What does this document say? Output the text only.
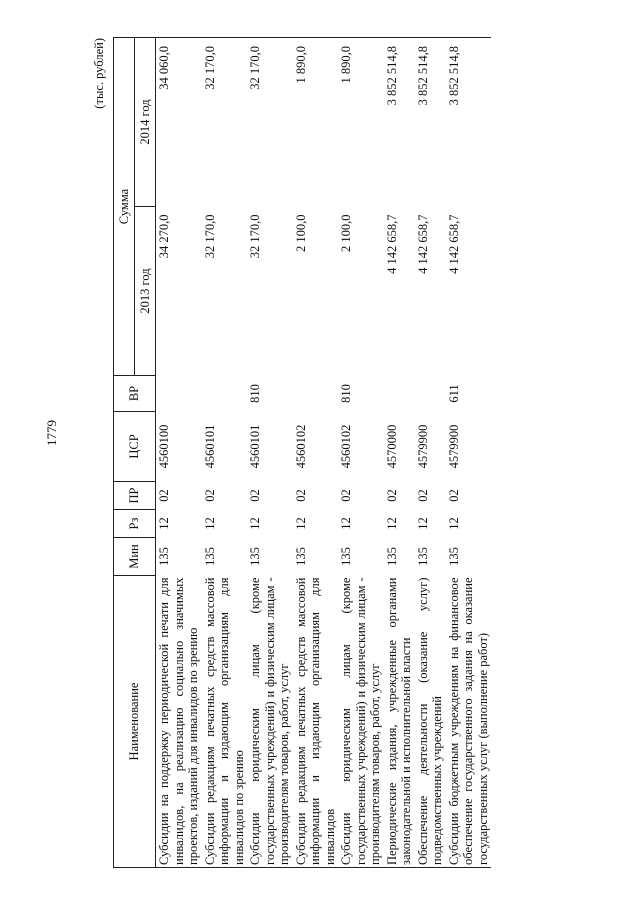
1779
(тыс. рублей)
Наименование	Мин	Рз	ПР	ЦСР	ВР	Сумма	
						2013 год	2014 год
Субсидии на поддержку периодической печати для инвалидов, на реализацию социально значимых проектов, изданий для инвалидов по зрению	135	12	02	4560100		34 270,0	34 060,0
Субсидии редакциям печатных средств массовой информации и издающим организациям для инвалидов по зрению	135	12	02	4560101		32 170,0	32 170,0
Субсидии юридическим лицам (кроме государственных учреждений) и физическим лицам - производителям товаров, работ, услуг	135	12	02	4560101	810	32 170,0	32 170,0
Субсидии редакциям печатных средств массовой информации и издающим организациям для инвалидов	135	12	02	4560102		2 100,0	1 890,0
Субсидии юридическим лицам (кроме государственных учреждений) и физическим лицам - производителям товаров, работ, услуг	135	12	02	4560102	810	2 100,0	1 890,0
Периодические издания, учрежденные органами законодательной и исполнительной власти	135	12	02	4570000		4 142 658,7	3 852 514,8
Обеспечение деятельности (оказание услуг) подведомственных учреждений	135	12	02	4579900		4 142 658,7	3 852 514,8
Субсидии бюджетным учреждениям на финансовое обеспечение государственного задания на оказание государственных услуг (выполнение работ)	135	12	02	4579900	611	4 142 658,7	3 852 514,8
